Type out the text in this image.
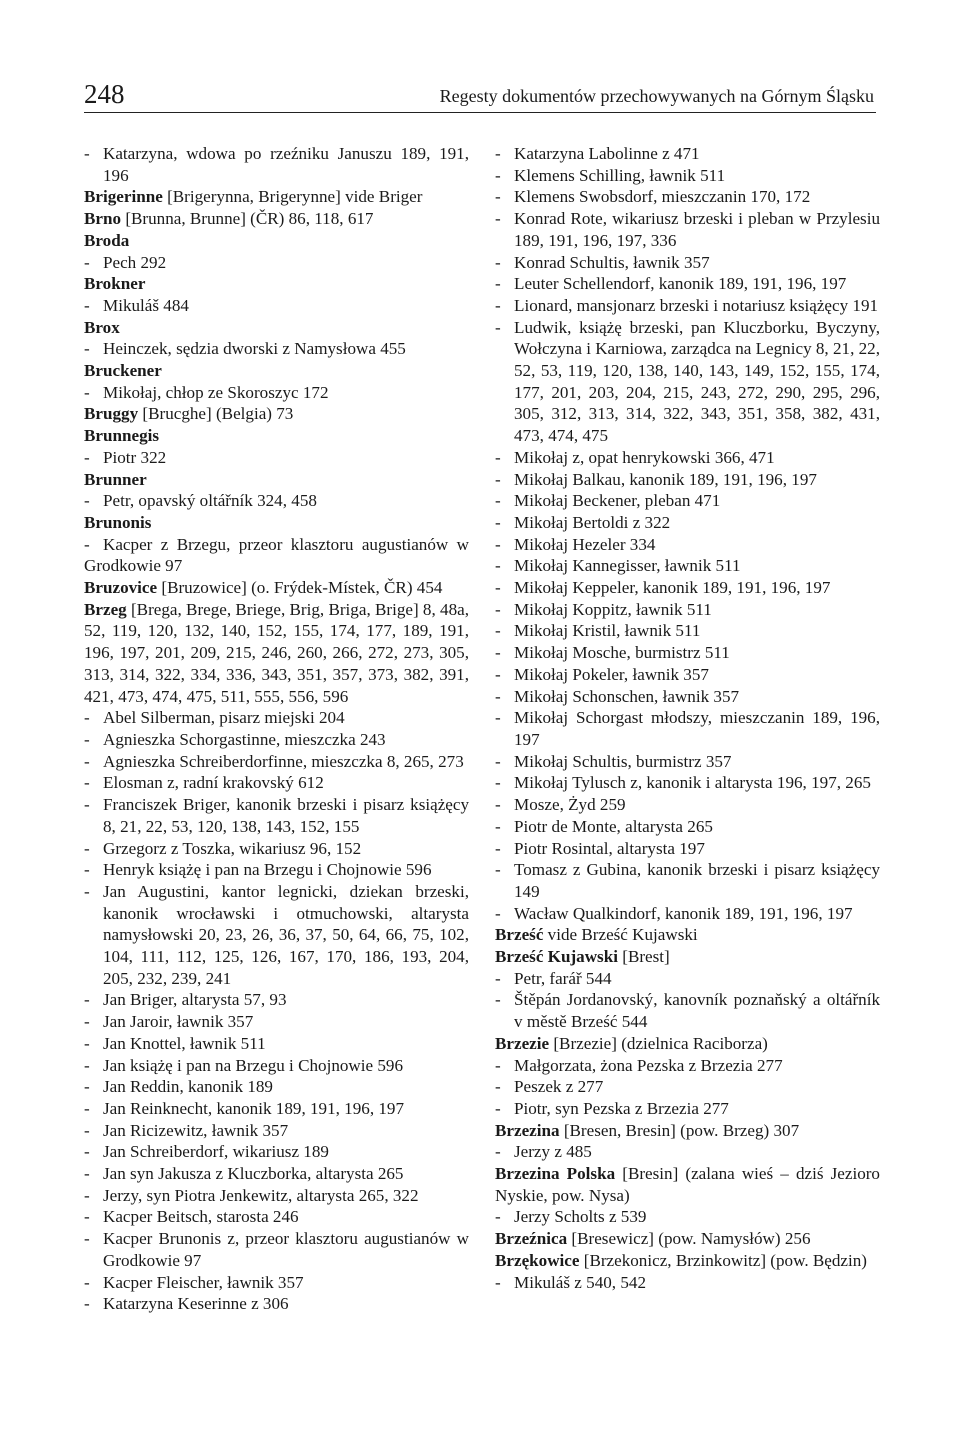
248	Regesty dokumentów przechowywanych na Górnym Śląsku

- Katarzyna, wdowa po rzeźniku Januszu 189, 191, 196

Brigerinne [Brigerynna, Brigerynne] vide Briger

Brno [Brunna, Brunne] (ČR) 86, 118, 617

Broda

- Pech 292

Brokner

- Mikuláš 484

Brox

- Heinczek, sędzia dworski z Namysłowa 455

Bruckener

- Mikołaj, chłop ze Skoroszyc 172

Bruggy [Brucghe] (Belgia) 73

Brunnegis

- Piotr 322

Brunner

- Petr, opavský oltářník 324, 458

Brunonis

- Kacper z Brzegu, przeor klasztoru augustianów w Grodkowie 97

Bruzovice [Bruzowice] (o. Frýdek-Místek, ČR) 454

Brzeg [Brega, Brege, Briege, Brig, Briga, Brige] 8, 48a, 52, 119, 120, 132, 140, 152, 155, 174, 177, 189, 191, 196, 197, 201, 209, 215, 246, 260, 266, 272, 273, 305, 313, 314, 322, 334, 336, 343, 351, 357, 373, 382, 391, 421, 473, 474, 475, 511, 555, 556, 596

- Abel Silberman, pisarz miejski 204

- Agnieszka Schorgastinne, mieszczka 243

- Agnieszka Schreiberdorfinne, mieszczka 8, 265, 273

- Elosman z, radní krakovský 612

- Franciszek Briger, kanonik brzeski i pisarz książęcy 8, 21, 22, 53, 120, 138, 143, 152, 155

- Grzegorz z Toszka, wikariusz 96, 152

- Henryk książę i pan na Brzegu i Chojnowie 596

- Jan Augustini, kantor legnicki, dziekan brzeski, kanonik wrocławski i otmuchowski, altarysta namysłowski 20, 23, 26, 36, 37, 50, 64, 66, 75, 102, 104, 111, 112, 125, 126, 167, 170, 186, 193, 204, 205, 232, 239, 241

- Jan Briger, altarysta 57, 93

- Jan Jaroir, ławnik 357

- Jan Knottel, ławnik 511

- Jan książę i pan na Brzegu i Chojnowie 596

- Jan Reddin, kanonik 189

- Jan Reinknecht, kanonik 189, 191, 196, 197

- Jan Ricizewitz, ławnik 357

- Jan Schreiberdorf, wikariusz 189

- Jan syn Jakusza z Kluczborka, altarysta 265

- Jerzy, syn Piotra Jenkewitz, altarysta 265, 322

- Kacper Beitsch, starosta 246

- Kacper Brunonis z, przeor klasztoru augustianów w Grodkowie 97

- Kacper Fleischer, ławnik 357

- Katarzyna Keserinne z 306

- Katarzyna Labolinne z 471

- Klemens Schilling, ławnik 511

- Klemens Swobsdorf, mieszczanin 170, 172

- Konrad Rote, wikariusz brzeski i pleban w Przylesiu 189, 191, 196, 197, 336

- Konrad Schultis, ławnik 357

- Leuter Schellendorf, kanonik 189, 191, 196, 197

- Lionard, mansjonarz brzeski i notariusz książęcy 191

- Ludwik, książę brzeski, pan Kluczborku, Byczyny, Wołczyna i Karniowa, zarządca na Legnicy 8, 21, 22, 52, 53, 119, 120, 138, 140, 143, 149, 152, 155, 174, 177, 201, 203, 204, 215, 243, 272, 290, 295, 296, 305, 312, 313, 314, 322, 343, 351, 358, 382, 431, 473, 474, 475

- Mikołaj z, opat henrykowski 366, 471

- Mikołaj Balkau, kanonik 189, 191, 196, 197

- Mikołaj Beckener, pleban 471

- Mikołaj Bertoldi z 322

- Mikołaj Hezeler 334

- Mikołaj Kannegisser, ławnik 511

- Mikołaj Keppeler, kanonik 189, 191, 196, 197

- Mikołaj Koppitz, ławnik 511

- Mikołaj Kristil, ławnik 511

- Mikołaj Mosche, burmistrz 511

- Mikołaj Pokeler, ławnik 357

- Mikołaj Schonschen, ławnik 357

- Mikołaj Schorgast młodszy, mieszczanin 189, 196, 197

- Mikołaj Schultis, burmistrz 357

- Mikołaj Tylusch z, kanonik i altarysta 196, 197, 265

- Mosze, Żyd 259

- Piotr de Monte, altarysta 265

- Piotr Rosintal, altarysta 197

- Tomasz z Gubina, kanonik brzeski i pisarz książęcy 149

- Wacław Qualkindorf, kanonik 189, 191, 196, 197

Brześć vide Brześć Kujawski

Brześć Kujawski [Brest]

- Petr, farář 544

- Štěpán Jordanovský, kanovník poznaňský a oltářník v městě Brześć 544

Brzezie [Brzezie] (dzielnica Raciborza)

- Małgorzata, żona Pezska z Brzezia 277

- Peszek z 277

- Piotr, syn Pezska z Brzezia 277

Brzezina [Bresen, Bresin] (pow. Brzeg) 307

- Jerzy z 485

Brzezina Polska [Bresin] (zalana wieś – dziś Jezioro Nyskie, pow. Nysa)

- Jerzy Scholts z 539

Brzeźnica [Bresewicz] (pow. Namysłów) 256

Brzękowice [Brzekonicz, Brzinkowitz] (pow. Będzin)

- Mikuláš z 540, 542
